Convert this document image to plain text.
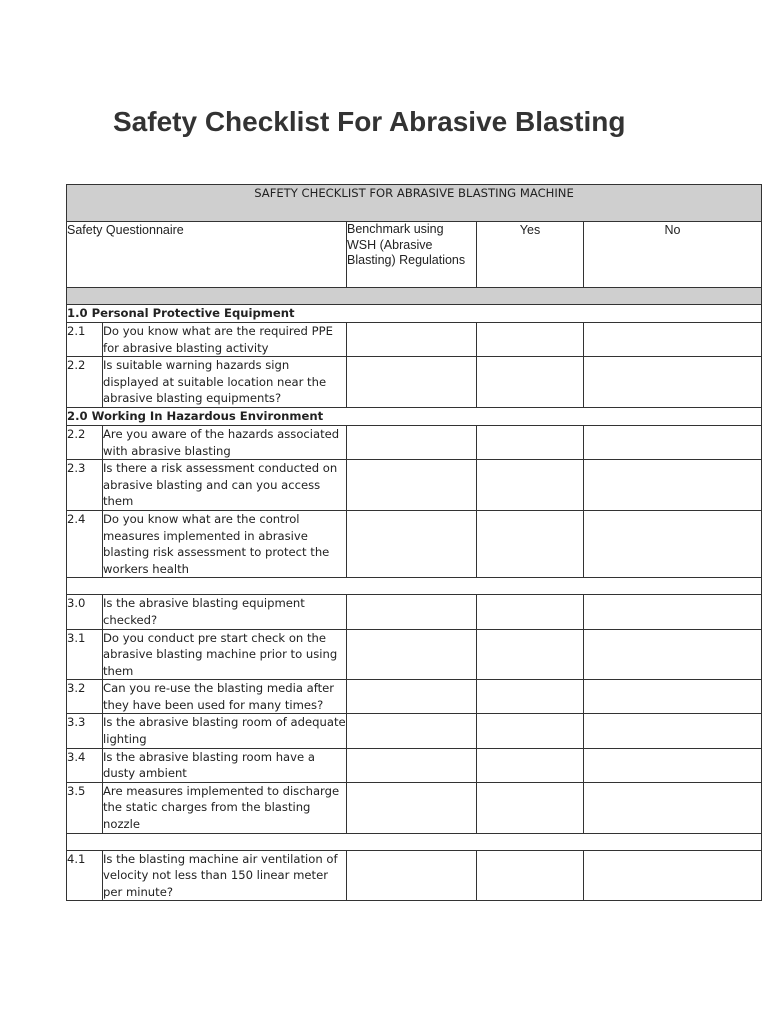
Safety Checklist For Abrasive Blasting
SAFETY CHECKLIST FOR ABRASIVE BLASTING MACHINE				
Safety Questionnaire		Benchmark using WSH (Abrasive Blasting) Regulations	Yes	No

1.0 Personal Protective Equipment				
2.1	Do you know what are the required PPE for abrasive blasting activity			
2.2	Is suitable warning hazards sign displayed at suitable location near the abrasive blasting equipments?			
2.0 Working In Hazardous Environment				
2.2	Are you aware of the hazards associated with abrasive blasting			
2.3	Is there a risk assessment conducted on abrasive blasting and can you access them			
2.4	Do you know what are the control measures implemented in abrasive blasting risk assessment to protect the workers health			

3.0	Is the abrasive blasting equipment checked?			
3.1	Do you conduct pre start check on the abrasive blasting machine prior to using them			
3.2	Can you re-use the blasting media after they have been used for many times?			
3.3	Is the abrasive blasting room of adequate lighting			
3.4	Is the abrasive blasting room have a dusty ambient			
3.5	Are measures implemented to discharge the static charges from the blasting nozzle			

4.1	Is the blasting machine air ventilation of velocity not less than 150 linear meter per minute?			
